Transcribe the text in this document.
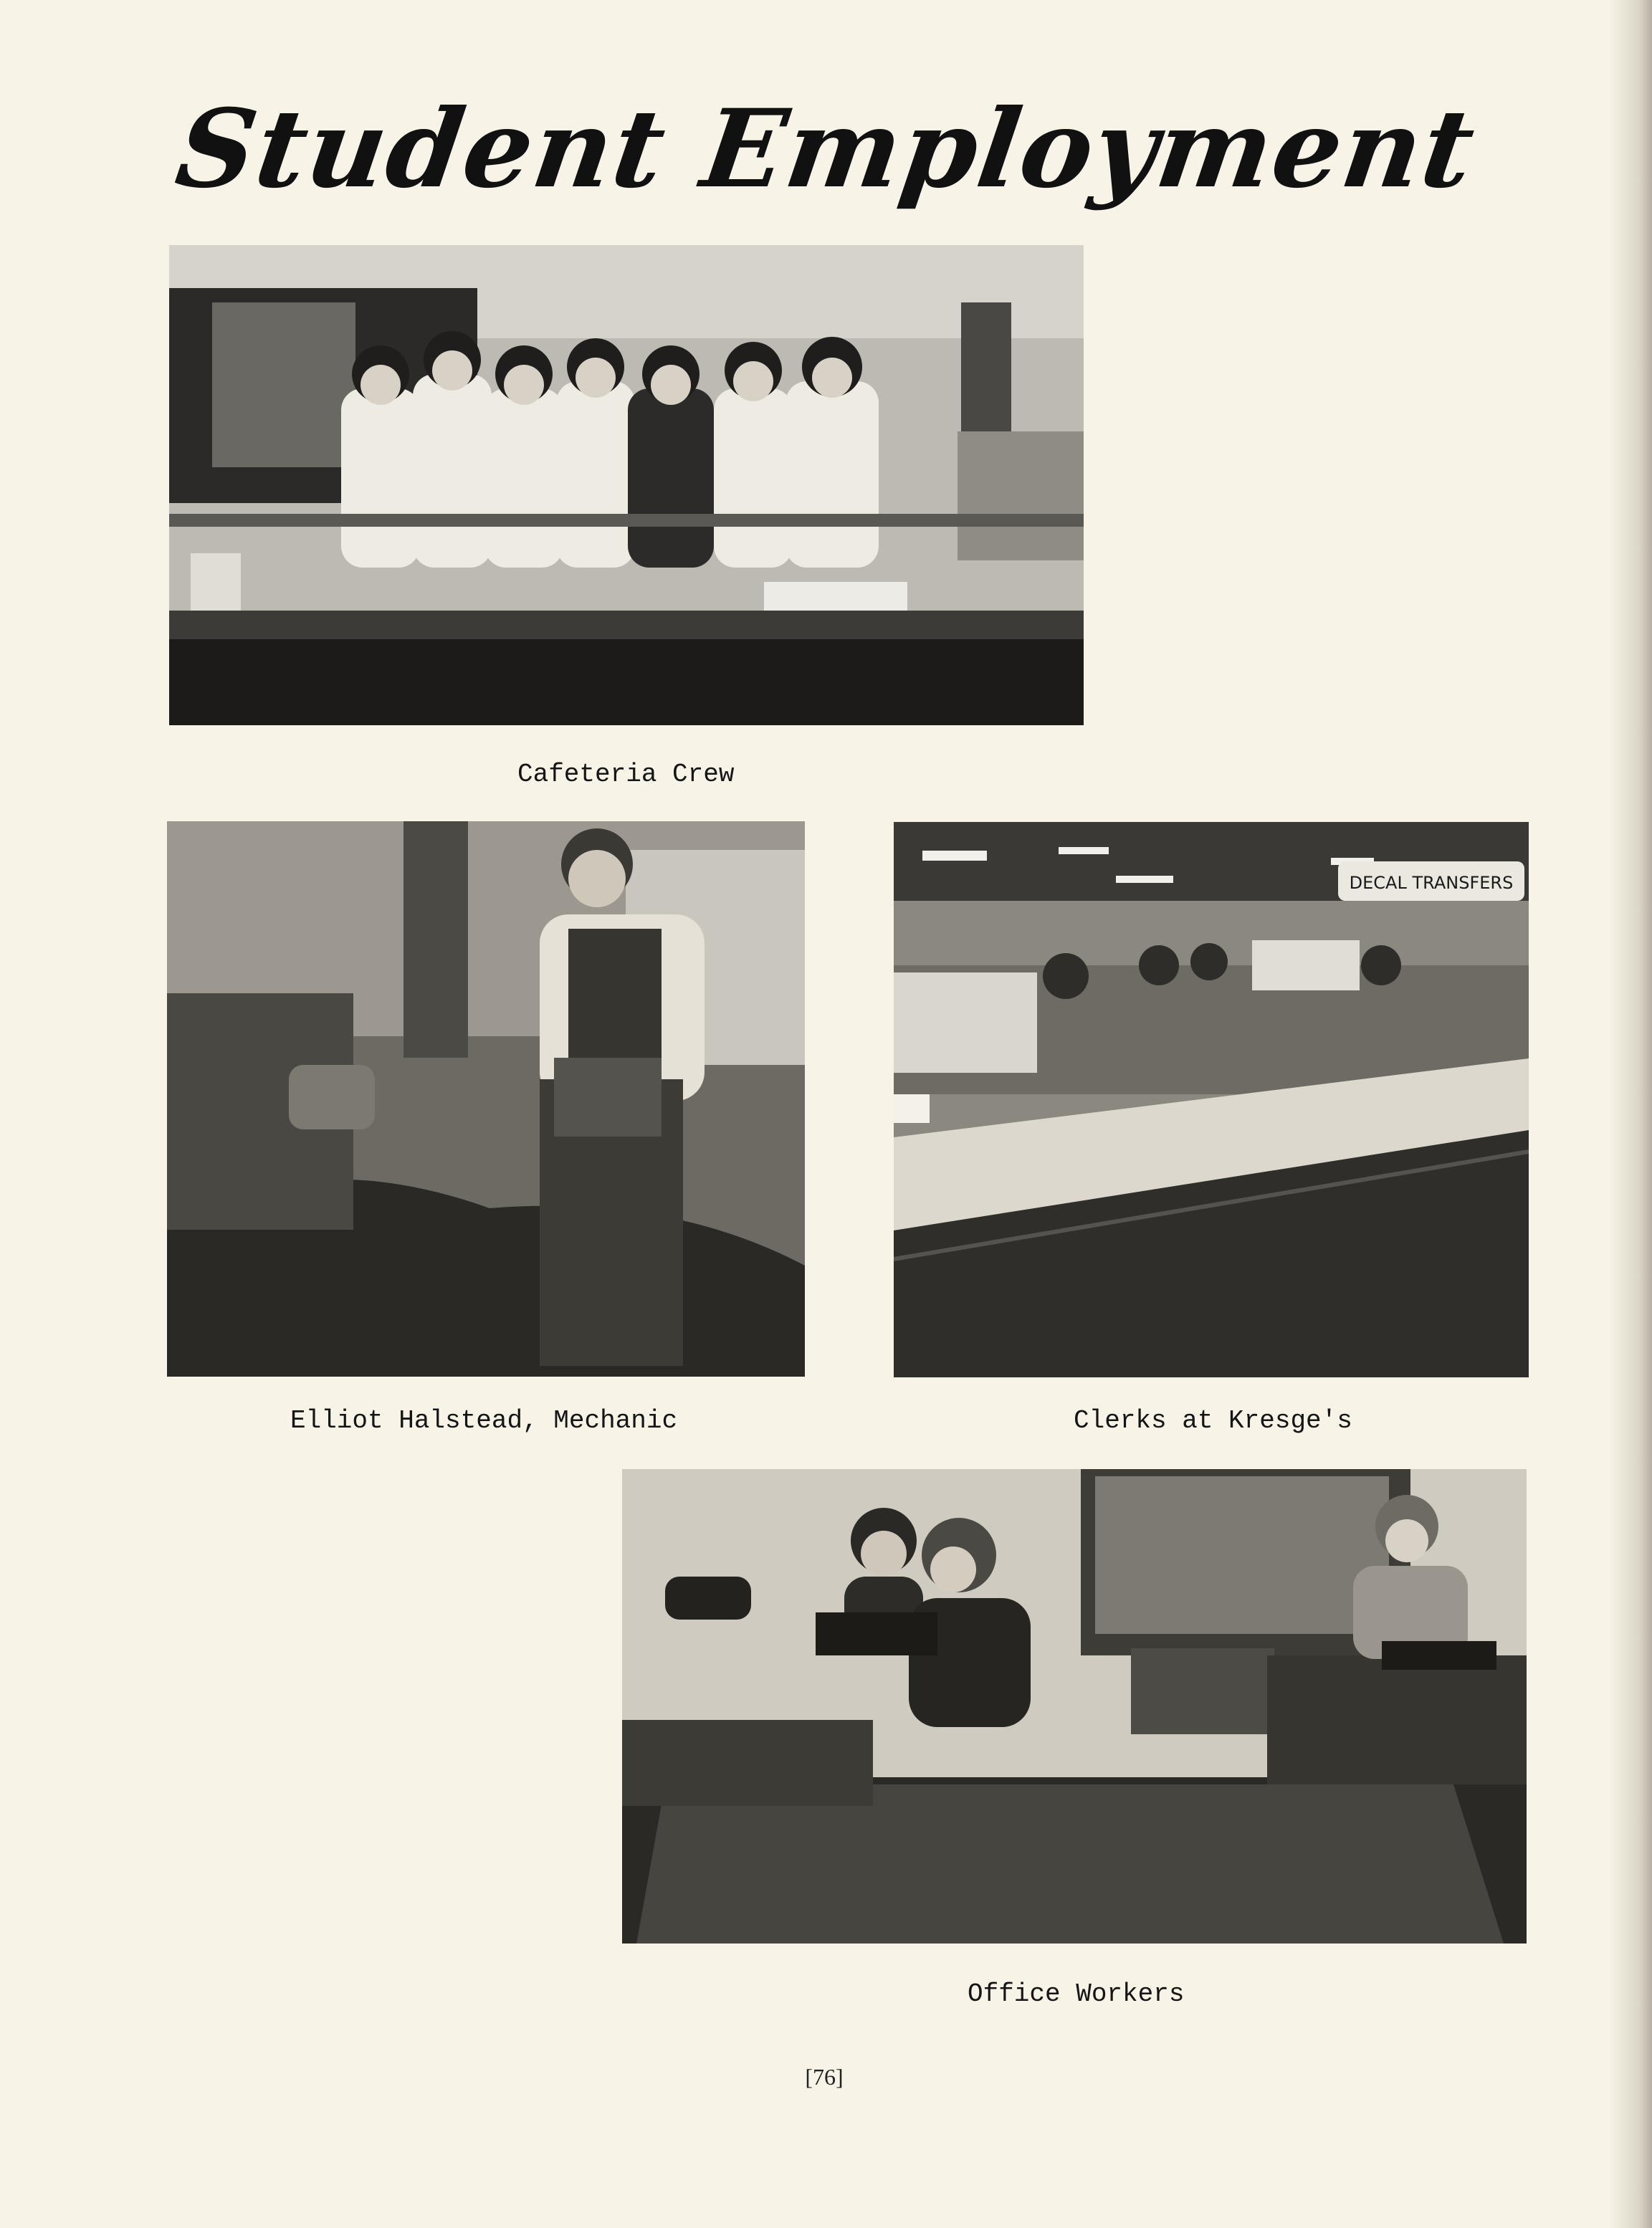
Student Employment
Cafeteria Crew
Elliot Halstead, Mechanic
DECAL TRANSFERS
Clerks at Kresge's
Office Workers
[76]
